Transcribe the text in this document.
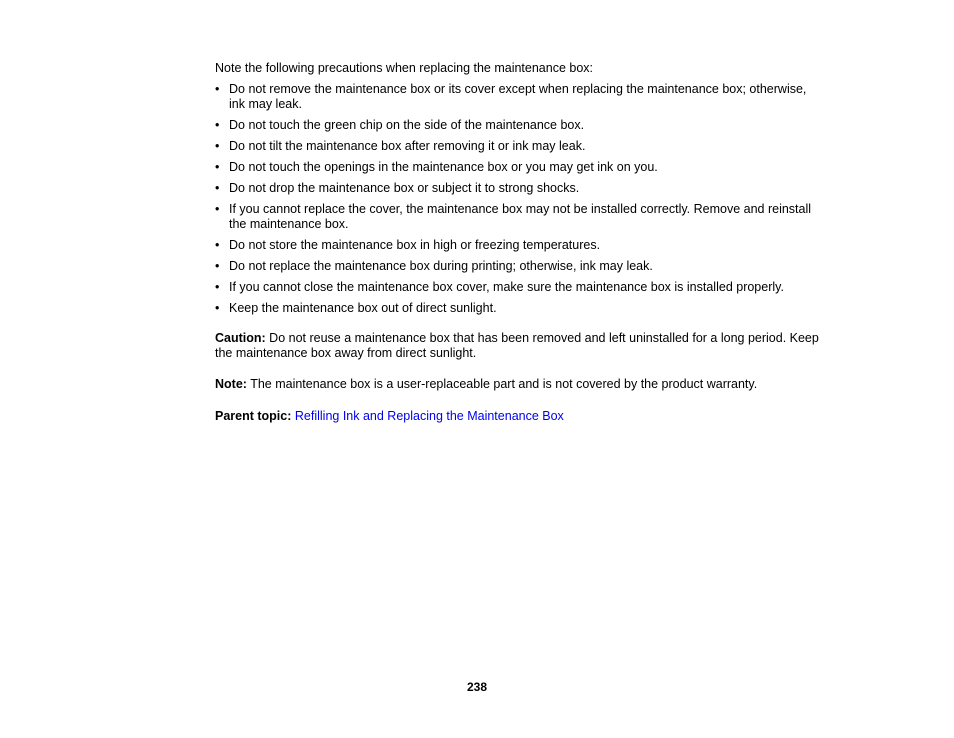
Note the following precautions when replacing the maintenance box:

• Do not remove the maintenance box or its cover except when replacing the maintenance box; otherwise, ink may leak.
• Do not touch the green chip on the side of the maintenance box.
• Do not tilt the maintenance box after removing it or ink may leak.
• Do not touch the openings in the maintenance box or you may get ink on you.
• Do not drop the maintenance box or subject it to strong shocks.
• If you cannot replace the cover, the maintenance box may not be installed correctly. Remove and reinstall the maintenance box.
• Do not store the maintenance box in high or freezing temperatures.
• Do not replace the maintenance box during printing; otherwise, ink may leak.
• If you cannot close the maintenance box cover, make sure the maintenance box is installed properly.
• Keep the maintenance box out of direct sunlight.

Caution: Do not reuse a maintenance box that has been removed and left uninstalled for a long period. Keep the maintenance box away from direct sunlight.

Note: The maintenance box is a user-replaceable part and is not covered by the product warranty.

Parent topic: Refilling Ink and Replacing the Maintenance Box

238
